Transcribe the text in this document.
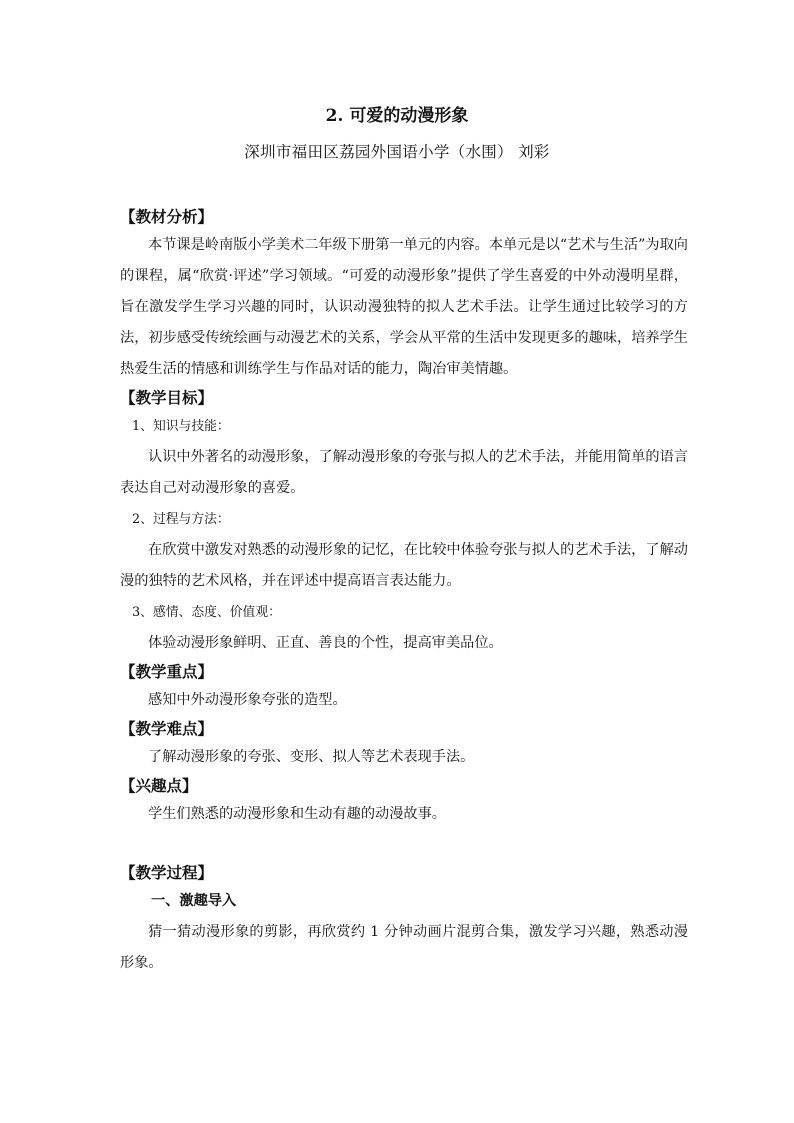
2. 可爱的动漫形象
深圳市福田区荔园外国语小学（水围） 刘彩

【教材分析】

本节课是岭南版小学美术二年级下册第一单元的内容。本单元是以“艺术与生活”为取向的课程，属“欣赏·评述”学习领域。“可爱的动漫形象”提供了学生喜爱的中外动漫明星群，旨在激发学生学习兴趣的同时，认识动漫独特的拟人艺术手法。让学生通过比较学习的方法，初步感受传统绘画与动漫艺术的关系，学会从平常的生活中发现更多的趣味，培养学生热爱生活的情感和训练学生与作品对话的能力，陶冶审美情趣。

【教学目标】

1、知识与技能：

认识中外著名的动漫形象，了解动漫形象的夸张与拟人的艺术手法，并能用简单的语言表达自己对动漫形象的喜爱。

2、过程与方法：

在欣赏中激发对熟悉的动漫形象的记忆，在比较中体验夸张与拟人的艺术手法，了解动漫的独特的艺术风格，并在评述中提高语言表达能力。

3、感情、态度、价值观：

体验动漫形象鲜明、正直、善良的个性，提高审美品位。

【教学重点】

感知中外动漫形象夸张的造型。

【教学难点】

了解动漫形象的夸张、变形、拟人等艺术表现手法。

【兴趣点】

学生们熟悉的动漫形象和生动有趣的动漫故事。

【教学过程】

一、激趣导入

猜一猜动漫形象的剪影，再欣赏约 1 分钟动画片混剪合集，激发学习兴趣，熟悉动漫形象。
